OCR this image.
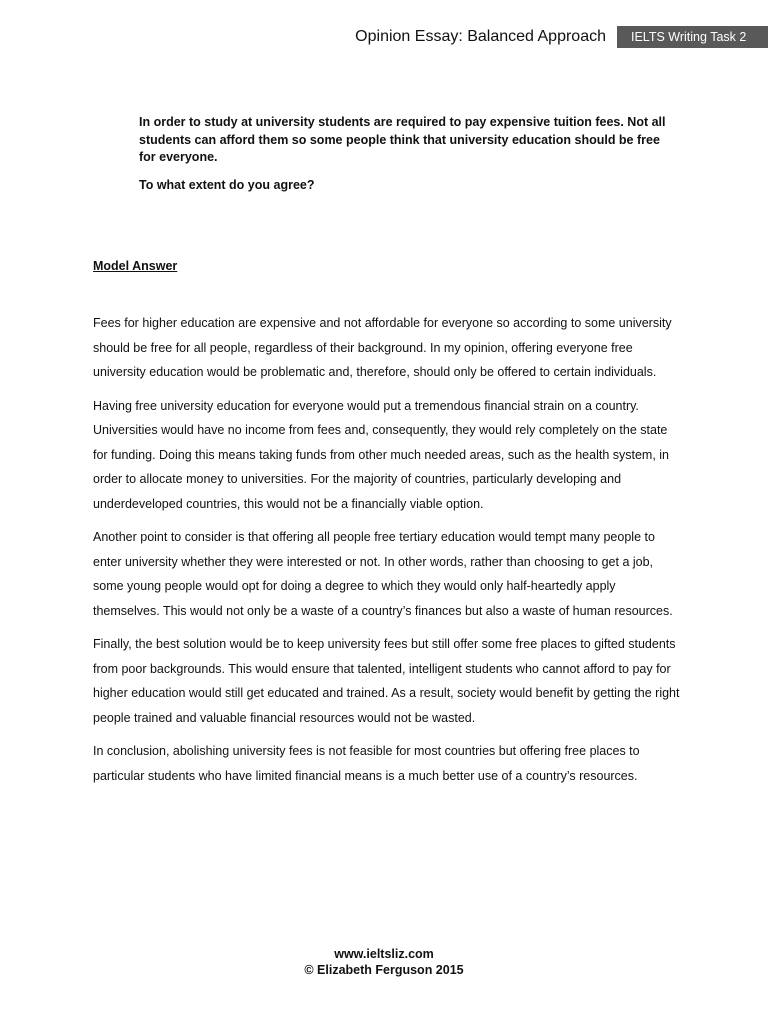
Opinion Essay: Balanced Approach	IELTS Writing Task 2

In order to study at university students are required to pay expensive tuition fees. Not all students can afford them so some people think that university education should be free for everyone.

To what extent do you agree?

Model Answer

Fees for higher education are expensive and not affordable for everyone so according to some university should be free for all people, regardless of their background. In my opinion, offering everyone free university education would be problematic and, therefore, should only be offered to certain individuals.

Having free university education for everyone would put a tremendous financial strain on a country. Universities would have no income from fees and, consequently, they would rely completely on the state for funding. Doing this means taking funds from other much needed areas, such as the health system, in order to allocate money to universities. For the majority of countries, particularly developing and underdeveloped countries, this would not be a financially viable option.

Another point to consider is that offering all people free tertiary education would tempt many people to enter university whether they were interested or not. In other words, rather than choosing to get a job, some young people would opt for doing a degree to which they would only half-heartedly apply themselves. This would not only be a waste of a country’s finances but also a waste of human resources.

Finally, the best solution would be to keep university fees but still offer some free places to gifted students from poor backgrounds. This would ensure that talented, intelligent students who cannot afford to pay for higher education would still get educated and trained. As a result, society would benefit by getting the right people trained and valuable financial resources would not be wasted.

In conclusion, abolishing university fees is not feasible for most countries but offering free places to particular students who have limited financial means is a much better use of a country’s resources.

www.ieltsliz.com
© Elizabeth Ferguson 2015
